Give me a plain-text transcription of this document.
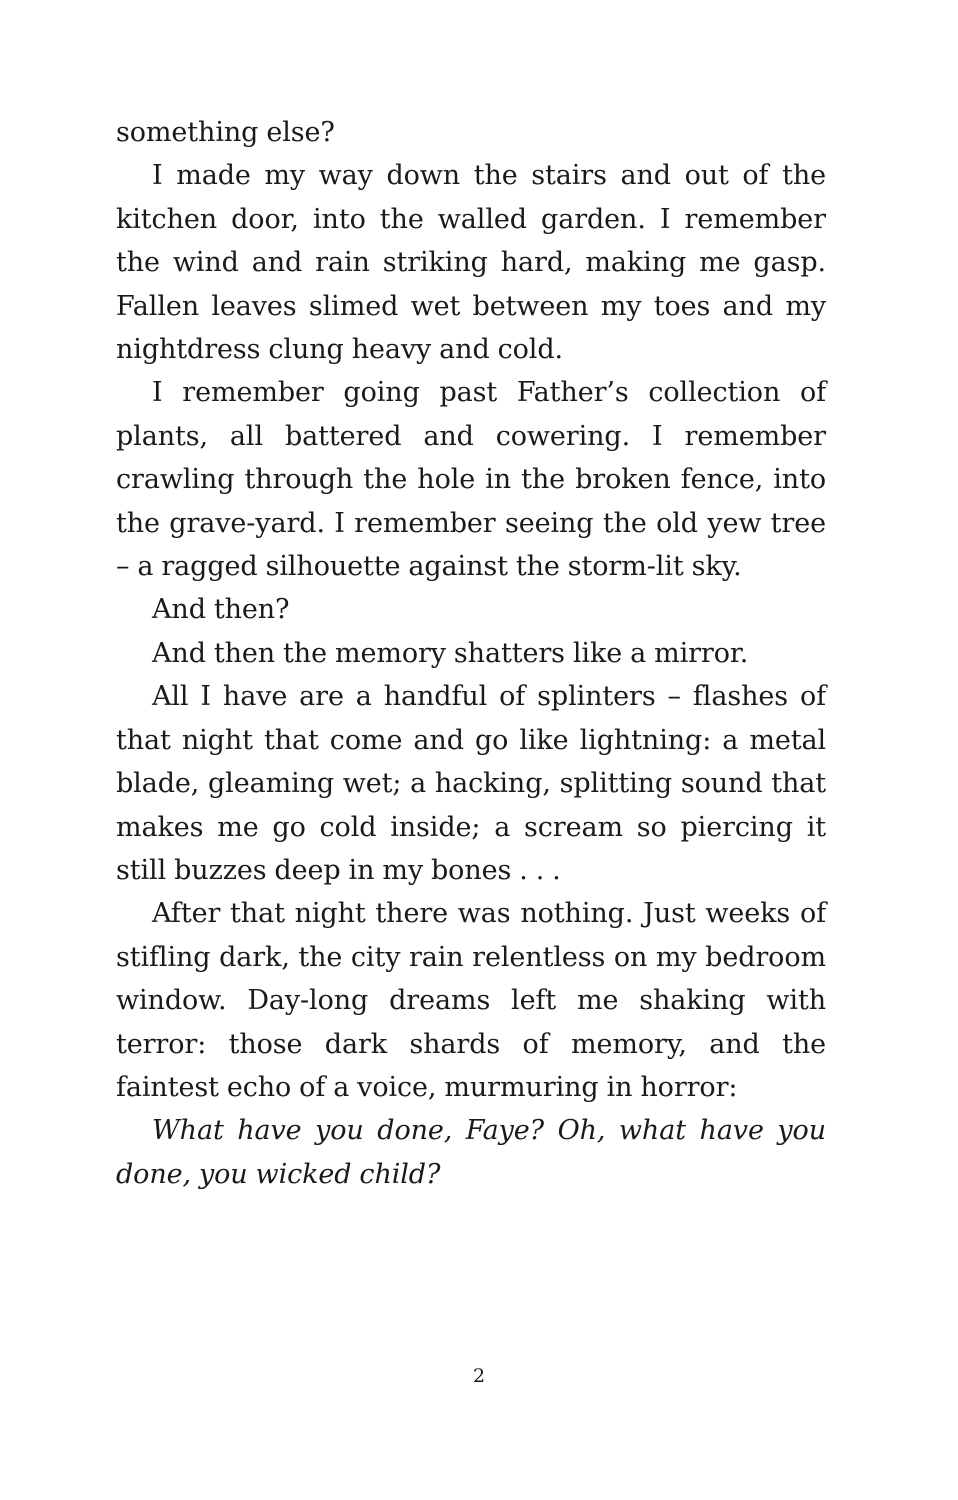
something else?

I made my way down the stairs and out of the kitchen door, into the walled garden. I remember the wind and rain striking hard, making me gasp. Fallen leaves slimed wet between my toes and my nightdress clung heavy and cold.

I remember going past Father’s collection of plants, all battered and cowering. I remember crawling through the hole in the broken fence, into the grave-yard. I remember seeing the old yew tree – a ragged silhouette against the storm-lit sky.

And then?

And then the memory shatters like a mirror.

All I have are a handful of splinters – flashes of that night that come and go like lightning: a metal blade, gleaming wet; a hacking, splitting sound that makes me go cold inside; a scream so piercing it still buzzes deep in my bones . . .

After that night there was nothing. Just weeks of stifling dark, the city rain relentless on my bedroom window. Day-long dreams left me shaking with terror: those dark shards of memory, and the faintest echo of a voice, murmuring in horror:

What have you done, Faye? Oh, what have you done, you wicked child?

2
